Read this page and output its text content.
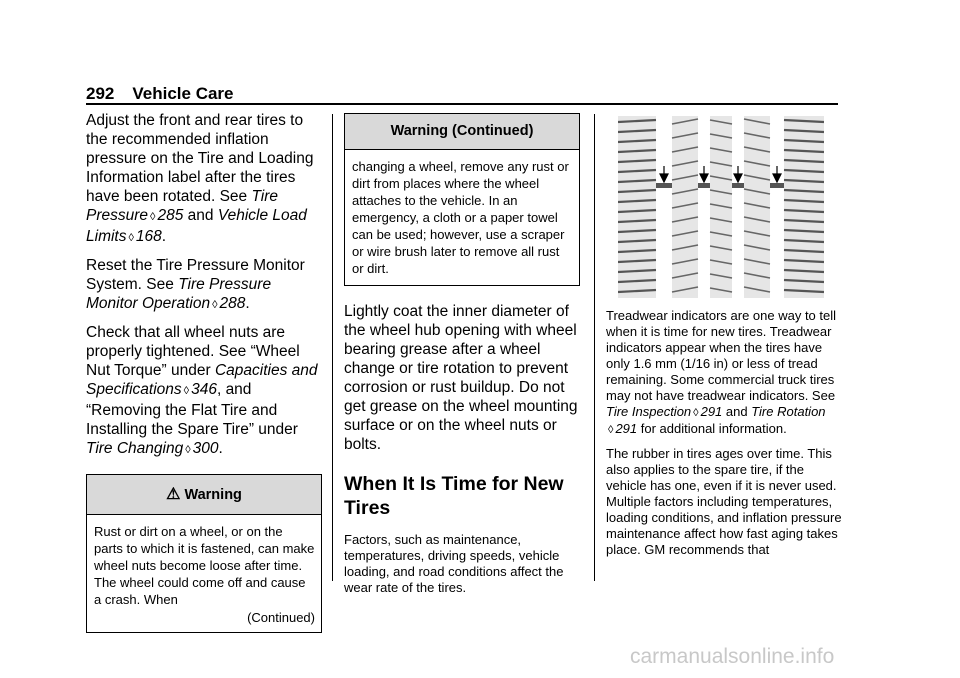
292 Vehicle Care

Adjust the front and rear tires to the recommended inflation pressure on the Tire and Loading Information label after the tires have been rotated. See Tire Pressure ◊ 285 and Vehicle Load Limits ◊ 168.

Reset the Tire Pressure Monitor System. See Tire Pressure Monitor Operation ◊ 288.

Check that all wheel nuts are properly tightened. See “Wheel Nut Torque” under Capacities and Specifications ◊ 346, and “Removing the Flat Tire and Installing the Spare Tire” under Tire Changing ◊ 300.

⚠ Warning
Rust or dirt on a wheel, or on the parts to which it is fastened, can make wheel nuts become loose after time. The wheel could come off and cause a crash. When
(Continued)
Warning (Continued)
changing a wheel, remove any rust or dirt from places where the wheel attaches to the vehicle. In an emergency, a cloth or a paper towel can be used; however, use a scraper or wire brush later to remove all rust or dirt.

Lightly coat the inner diameter of the wheel hub opening with wheel bearing grease after a wheel change or tire rotation to prevent corrosion or rust buildup. Do not get grease on the wheel mounting surface or on the wheel nuts or bolts.

When It Is Time for New Tires

Factors, such as maintenance, temperatures, driving speeds, vehicle loading, and road conditions affect the wear rate of the tires.

Treadwear indicators are one way to tell when it is time for new tires. Treadwear indicators appear when the tires have only 1.6 mm (1/16 in) or less of tread remaining. Some commercial truck tires may not have treadwear indicators. See Tire Inspection ◊ 291 and Tire Rotation ◊ 291 for additional information.

The rubber in tires ages over time. This also applies to the spare tire, if the vehicle has one, even if it is never used. Multiple factors including temperatures, loading conditions, and inflation pressure maintenance affect how fast aging takes place. GM recommends that

carmanualsonline.info
